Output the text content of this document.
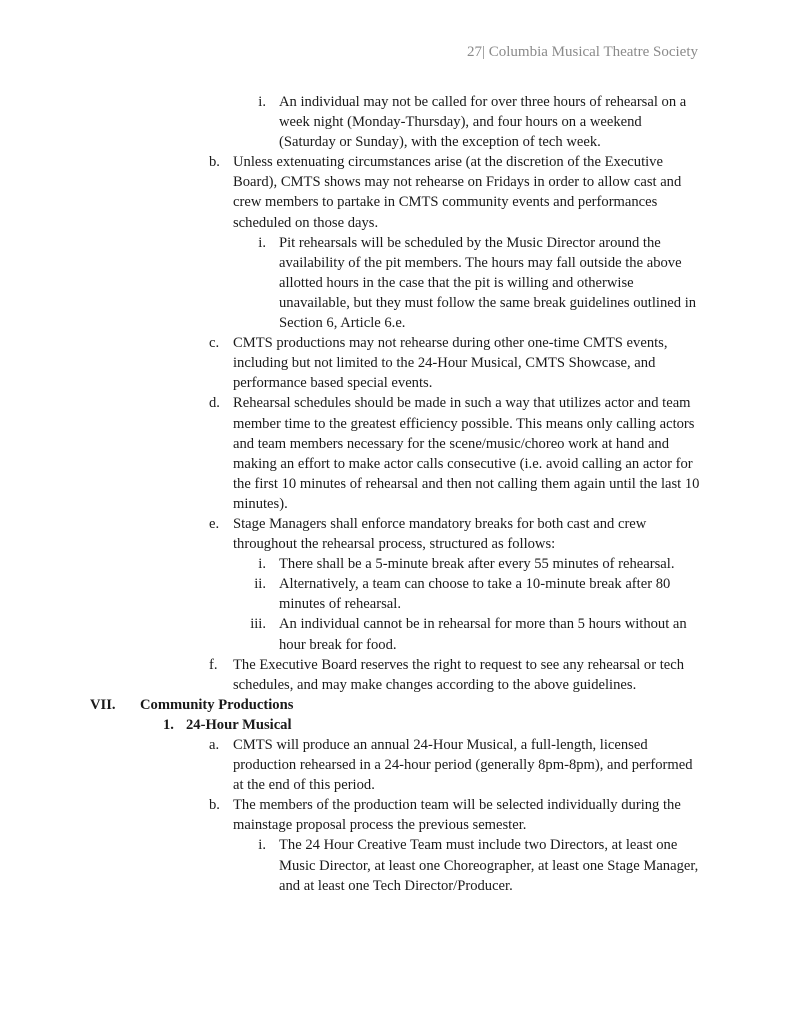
27| Columbia Musical Theatre Society
i. An individual may not be called for over three hours of rehearsal on a week night (Monday-Thursday), and four hours on a weekend (Saturday or Sunday), with the exception of tech week.
b. Unless extenuating circumstances arise (at the discretion of the Executive Board), CMTS shows may not rehearse on Fridays in order to allow cast and crew members to partake in CMTS community events and performances scheduled on those days.
i. Pit rehearsals will be scheduled by the Music Director around the availability of the pit members. The hours may fall outside the above allotted hours in the case that the pit is willing and otherwise unavailable, but they must follow the same break guidelines outlined in Section 6, Article 6.e.
c. CMTS productions may not rehearse during other one-time CMTS events, including but not limited to the 24-Hour Musical, CMTS Showcase, and performance based special events.
d. Rehearsal schedules should be made in such a way that utilizes actor and team member time to the greatest efficiency possible. This means only calling actors and team members necessary for the scene/music/choreo work at hand and making an effort to make actor calls consecutive (i.e. avoid calling an actor for the first 10 minutes of rehearsal and then not calling them again until the last 10 minutes).
e. Stage Managers shall enforce mandatory breaks for both cast and crew throughout the rehearsal process, structured as follows:
i. There shall be a 5-minute break after every 55 minutes of rehearsal.
ii. Alternatively, a team can choose to take a 10-minute break after 80 minutes of rehearsal.
iii. An individual cannot be in rehearsal for more than 5 hours without an hour break for food.
f. The Executive Board reserves the right to request to see any rehearsal or tech schedules, and may make changes according to the above guidelines.
VII. Community Productions
1. 24-Hour Musical
a. CMTS will produce an annual 24-Hour Musical, a full-length, licensed production rehearsed in a 24-hour period (generally 8pm-8pm), and performed at the end of this period.
b. The members of the production team will be selected individually during the mainstage proposal process the previous semester.
i. The 24 Hour Creative Team must include two Directors, at least one Music Director, at least one Choreographer, at least one Stage Manager, and at least one Tech Director/Producer.
